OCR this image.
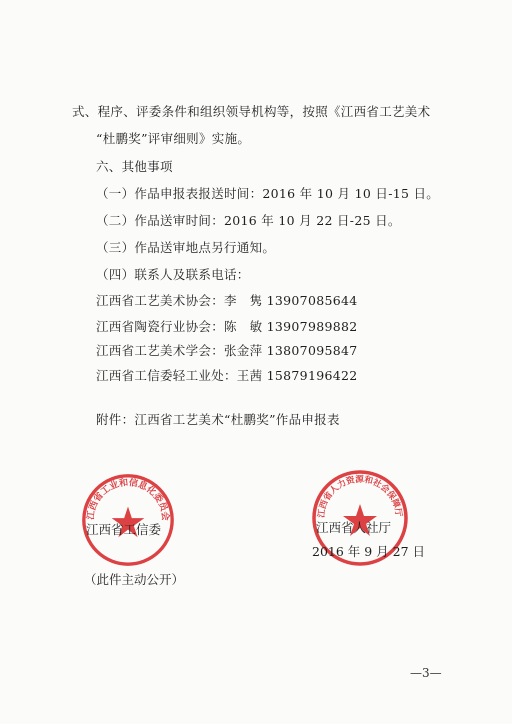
式、程序、评委条件和组织领导机构等，按照《江西省工艺美术
“杜鹏奖”评审细则》实施。
六、其他事项
（一）作品申报表报送时间：2016 年 10 月 10 日-15 日。
（二）作品送审时间：2016 年 10 月 22 日-25 日。
（三）作品送审地点另行通知。
（四）联系人及联系电话：
江西省工艺美术协会：李　隽 13907085644
江西省陶瓷行业协会：陈　敏 13907989882
江西省工艺美术学会：张金萍 13807095847
江西省工信委轻工业处：王茜 15879196422
附件：江西省工艺美术“杜鹏奖”作品申报表
江西省工业和信息化委员会	江西省人力资源和社会保障厅
江西省工信委	江西省人社厅
2016 年 9 月 27 日
（此件主动公开）
—3—
